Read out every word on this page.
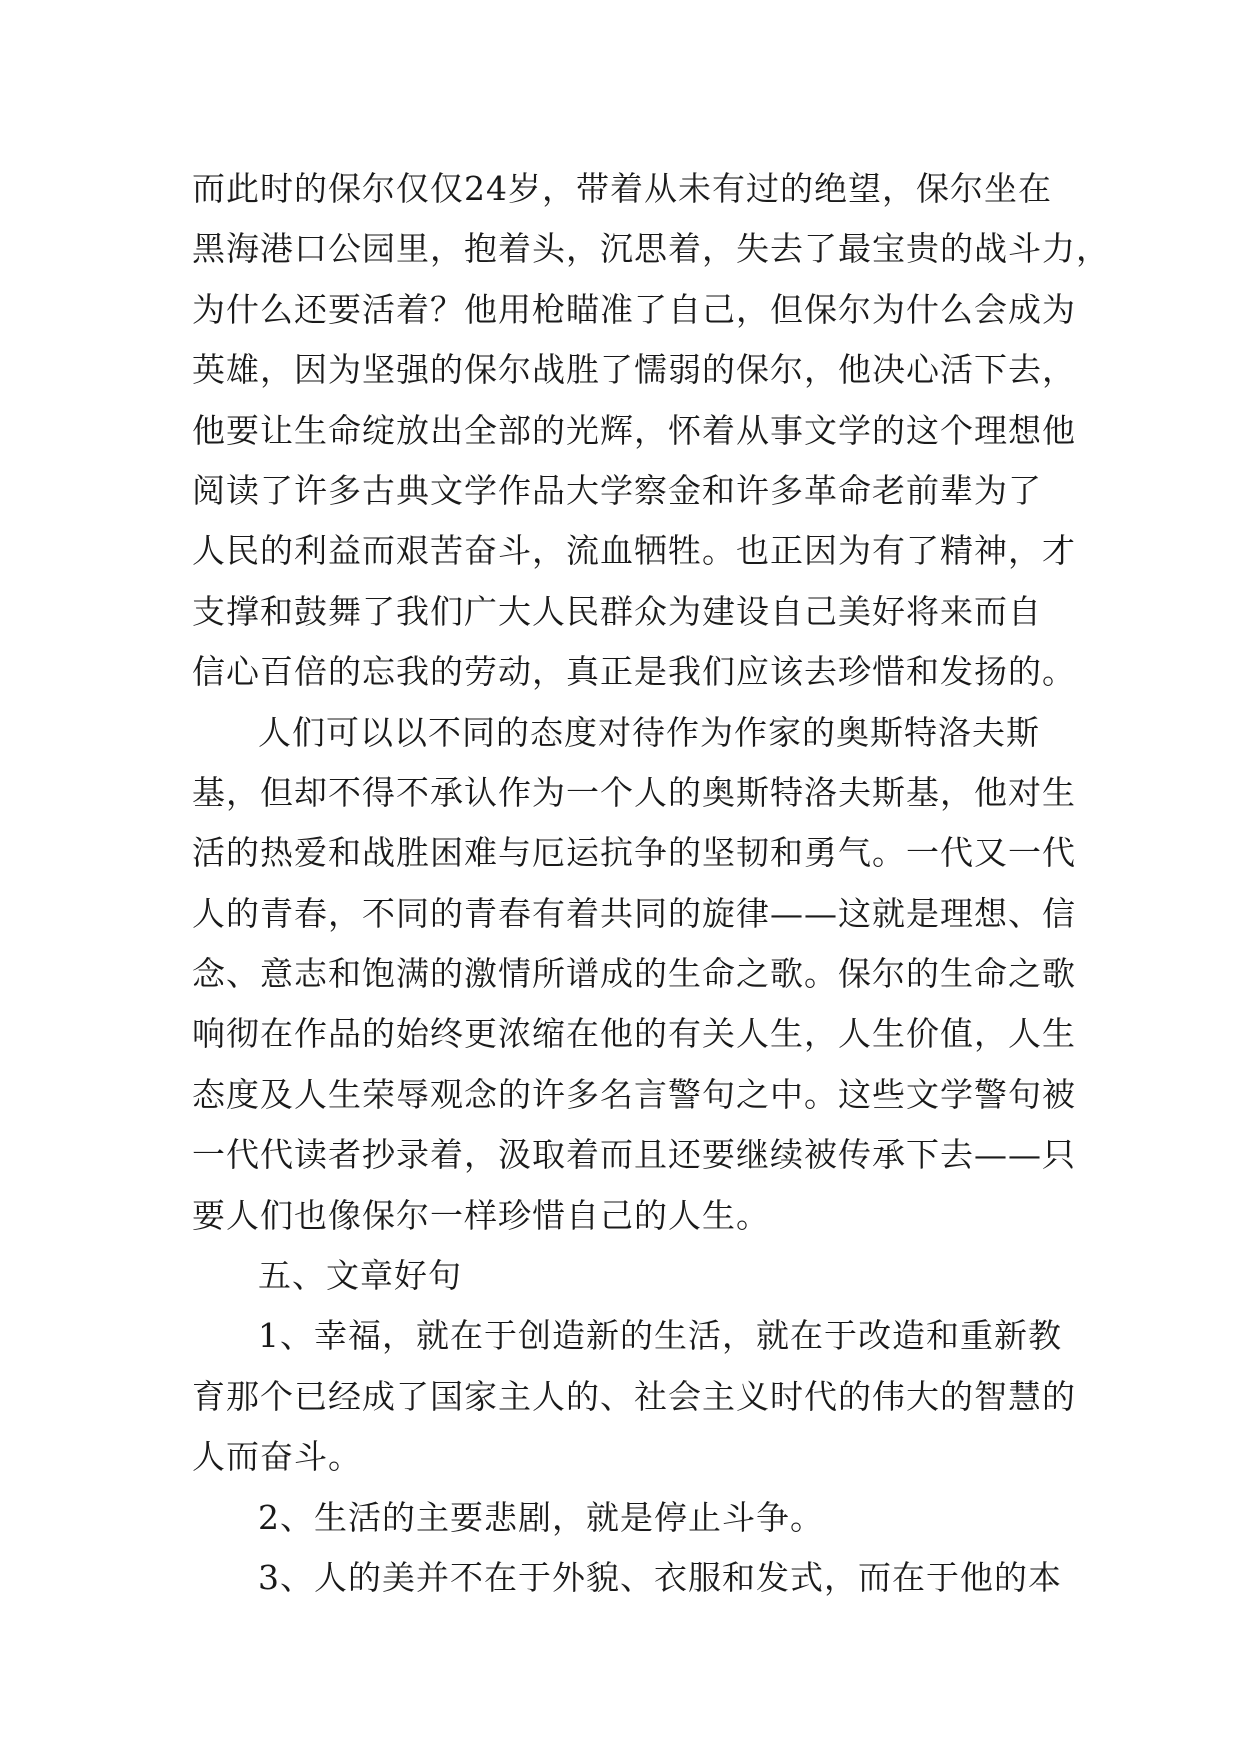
而此时的保尔仅仅24岁，带着从未有过的绝望，保尔坐在
黑海港口公园里，抱着头，沉思着，失去了最宝贵的战斗力，
为什么还要活着？他用枪瞄准了自己，但保尔为什么会成为
英雄，因为坚强的保尔战胜了懦弱的保尔，他决心活下去，
他要让生命绽放出全部的光辉，怀着从事文学的这个理想他
阅读了许多古典文学作品大学察金和许多革命老前辈为了
人民的利益而艰苦奋斗，流血牺牲。也正因为有了精神，才
支撑和鼓舞了我们广大人民群众为建设自己美好将来而自
信心百倍的忘我的劳动，真正是我们应该去珍惜和发扬的。
人们可以以不同的态度对待作为作家的奥斯特洛夫斯
基，但却不得不承认作为一个人的奥斯特洛夫斯基，他对生
活的热爱和战胜困难与厄运抗争的坚韧和勇气。一代又一代
人的青春，不同的青春有着共同的旋律——这就是理想、信
念、意志和饱满的激情所谱成的生命之歌。保尔的生命之歌
响彻在作品的始终更浓缩在他的有关人生，人生价值，人生
态度及人生荣辱观念的许多名言警句之中。这些文学警句被
一代代读者抄录着，汲取着而且还要继续被传承下去——只
要人们也像保尔一样珍惜自己的人生。
五、文章好句
1、幸福，就在于创造新的生活，就在于改造和重新教
育那个已经成了国家主人的、社会主义时代的伟大的智慧的
人而奋斗。
2、生活的主要悲剧，就是停止斗争。
3、人的美并不在于外貌、衣服和发式，而在于他的本
